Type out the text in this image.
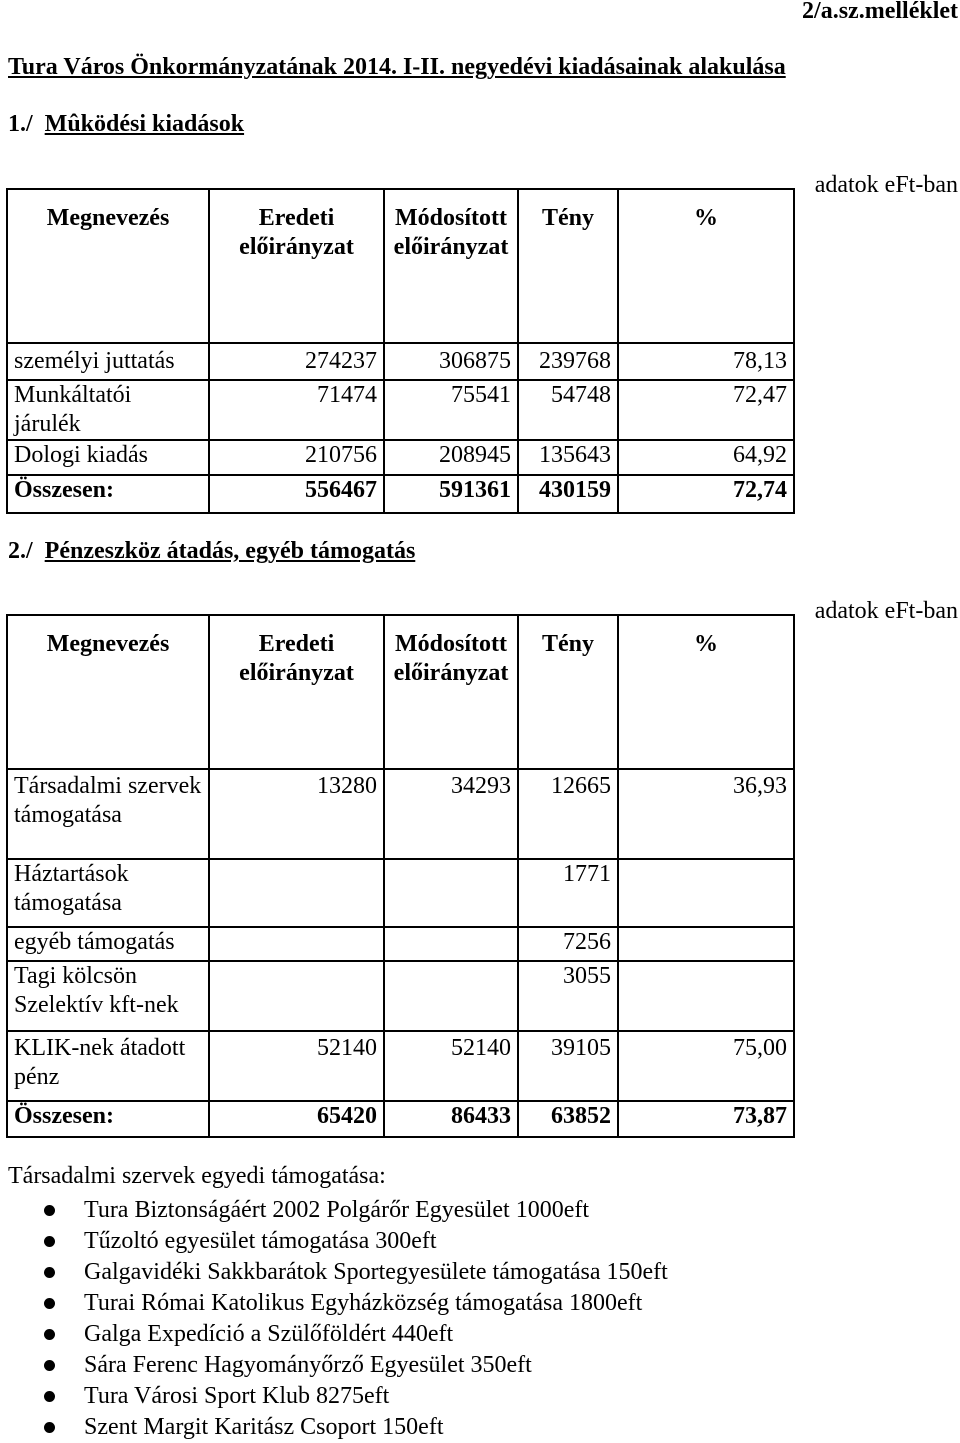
2/a.sz.melléklet
Tura Város Önkormányzatának 2014. I-II. negyedévi kiadásainak alakulása
1./ Mûködési kiadások
adatok eFt-ban
Megnevezés	Eredeti előirányzat	Módosított előirányzat	Tény	%
személyi juttatás	274237	306875	239768	78,13
Munkáltatói járulék	71474	75541	54748	72,47
Dologi kiadás	210756	208945	135643	64,92
Összesen:	556467	591361	430159	72,74
2./ Pénzeszköz átadás, egyéb támogatás
adatok eFt-ban
Megnevezés	Eredeti előirányzat	Módosított előirányzat	Tény	%
Társadalmi szervek támogatása	13280	34293	12665	36,93
Háztartások támogatása			1771	
egyéb támogatás			7256	
Tagi kölcsön Szelektív kft-nek			3055	
KLIK-nek átadott pénz	52140	52140	39105	75,00
Összesen:	65420	86433	63852	73,87
Társadalmi szervek egyedi támogatása:
Tura Biztonságáért 2002 Polgárőr Egyesület 1000eft
Tűzoltó egyesület támogatása 300eft
Galgavidéki Sakkbarátok Sportegyesülete támogatása 150eft
Turai Római Katolikus Egyházközség támogatása 1800eft
Galga Expedíció a Szülőföldért 440eft
Sára Ferenc Hagyományőrző Egyesület 350eft
Tura Városi Sport Klub 8275eft
Szent Margit Karitász Csoport 150eft
